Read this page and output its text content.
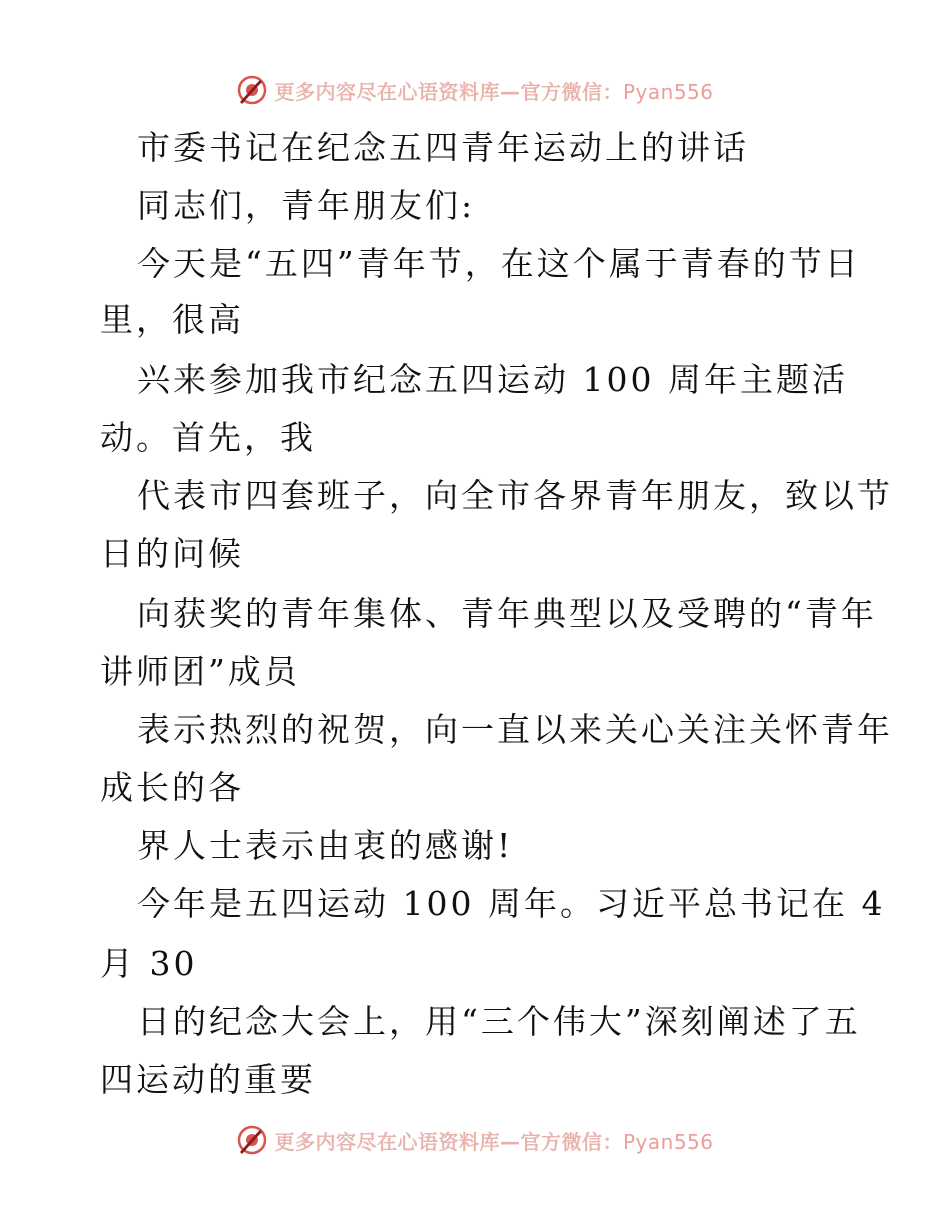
更多内容尽在心语资料库—官方微信：Pyan556
市委书记在纪念五四青年运动上的讲话
同志们，青年朋友们:
今天是“五四”青年节，在这个属于青春的节日
里，很高
兴来参加我市纪念五四运动 100 周年主题活
动。首先，我
代表市四套班子，向全市各界青年朋友，致以节
日的问候
向获奖的青年集体、青年典型以及受聘的“青年
讲师团”成员
表示热烈的祝贺，向一直以来关心关注关怀青年
成长的各
界人士表示由衷的感谢!
今年是五四运动 100 周年。习近平总书记在 4
月 30
日的纪念大会上，用“三个伟大”深刻阐述了五
四运动的重要
更多内容尽在心语资料库—官方微信：Pyan556
